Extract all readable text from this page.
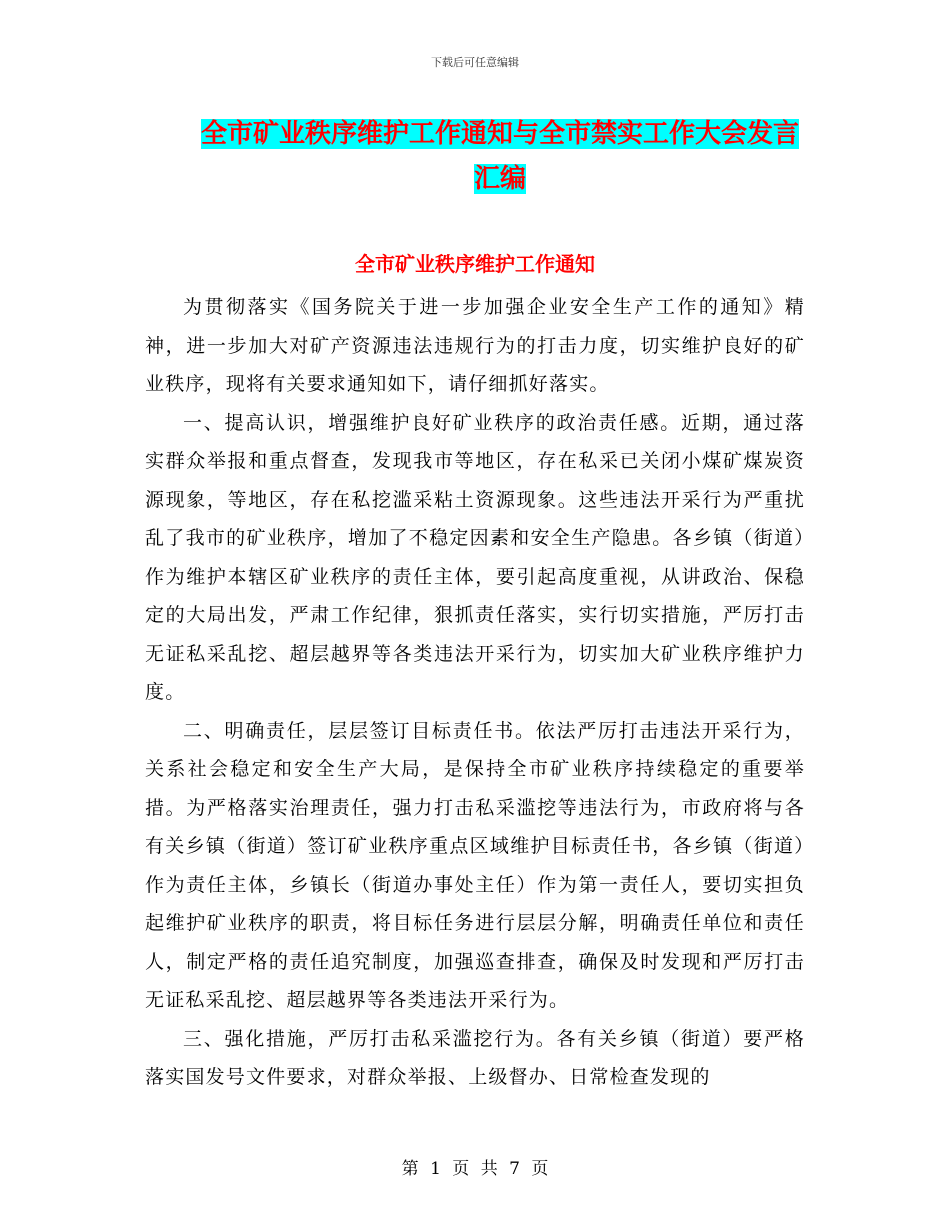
下载后可任意编辑
全市矿业秩序维护工作通知与全市禁实工作大会发言
汇编
全市矿业秩序维护工作通知

为贯彻落实《国务院关于进一步加强企业安全生产工作的通知》精神，进一步加大对矿产资源违法违规行为的打击力度，切实维护良好的矿业秩序，现将有关要求通知如下，请仔细抓好落实。

一、提高认识，增强维护良好矿业秩序的政治责任感。近期，通过落实群众举报和重点督查，发现我市等地区，存在私采已关闭小煤矿煤炭资源现象，等地区，存在私挖滥采粘土资源现象。这些违法开采行为严重扰乱了我市的矿业秩序，增加了不稳定因素和安全生产隐患。各乡镇（街道）作为维护本辖区矿业秩序的责任主体，要引起高度重视，从讲政治、保稳定的大局出发，严肃工作纪律，狠抓责任落实，实行切实措施，严厉打击无证私采乱挖、超层越界等各类违法开采行为，切实加大矿业秩序维护力度。

二、明确责任，层层签订目标责任书。依法严厉打击违法开采行为，关系社会稳定和安全生产大局，是保持全市矿业秩序持续稳定的重要举措。为严格落实治理责任，强力打击私采滥挖等违法行为，市政府将与各有关乡镇（街道）签订矿业秩序重点区域维护目标责任书，各乡镇（街道）作为责任主体，乡镇长（街道办事处主任）作为第一责任人，要切实担负起维护矿业秩序的职责，将目标任务进行层层分解，明确责任单位和责任人，制定严格的责任追究制度，加强巡查排查，确保及时发现和严厉打击无证私采乱挖、超层越界等各类违法开采行为。

三、强化措施，严厉打击私采滥挖行为。各有关乡镇（街道）要严格落实国发号文件要求，对群众举报、上级督办、日常检查发现的

第 1 页 共 7 页
